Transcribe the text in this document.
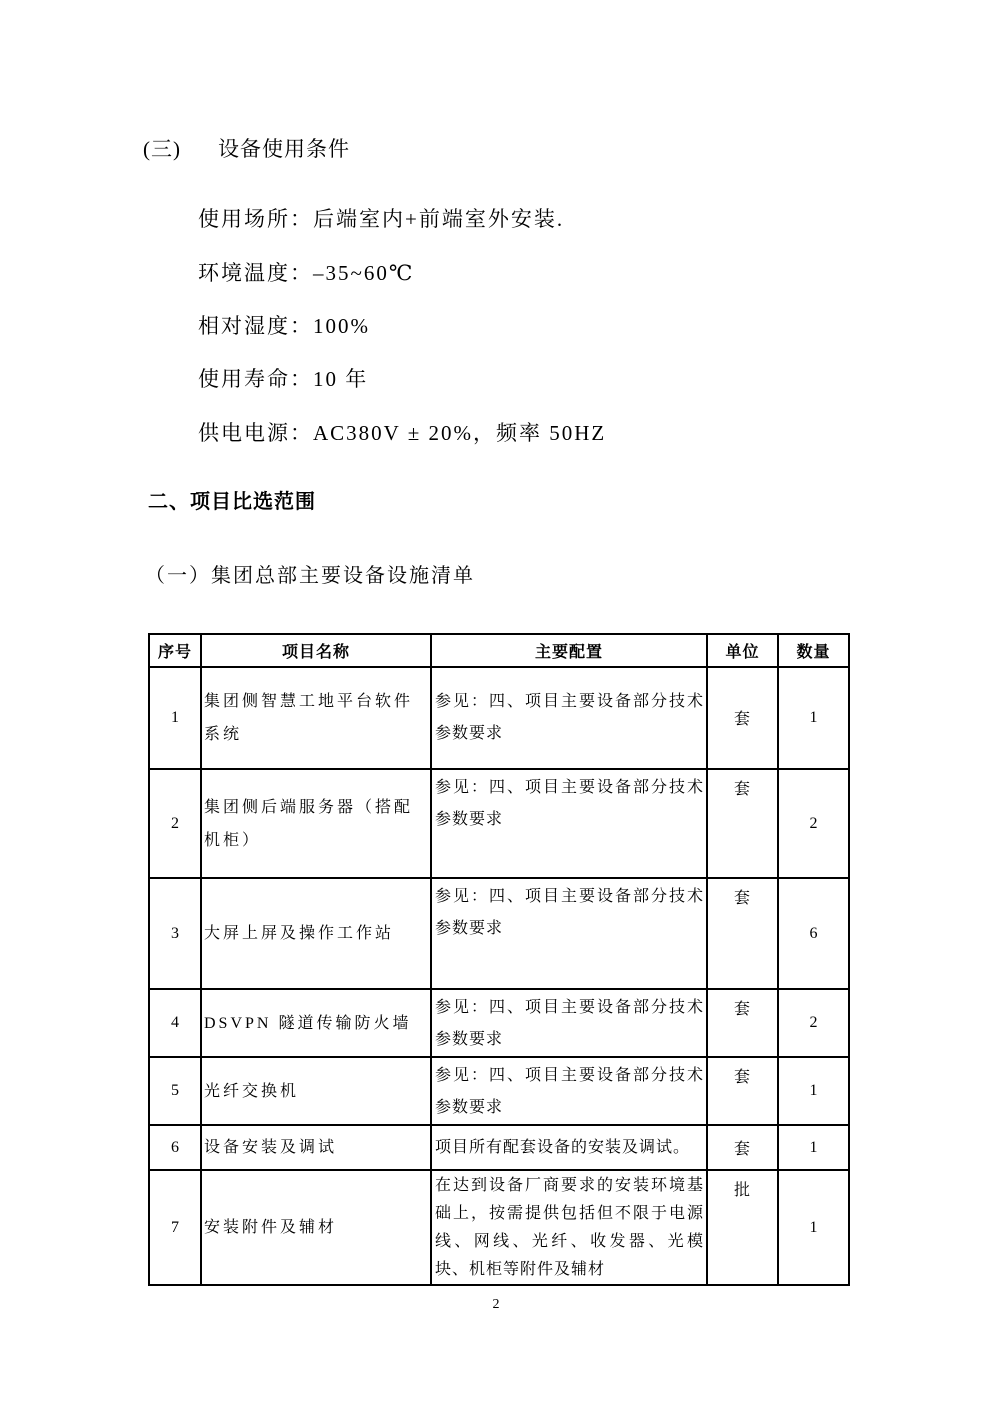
(三) 设备使用条件
使用场所：后端室内+前端室外安装.
环境温度：–35~60℃
相对湿度：100%
使用寿命：10 年
供电电源：AC380V ± 20%，频率 50HZ
二、项目比选范围
（一）集团总部主要设备设施清单
序号	项目名称	主要配置	单位	数量
1	集团侧智慧工地平台软件系统	参见：四、项目主要设备部分技术参数要求	套	1
2	集团侧后端服务器（搭配机柜）	参见：四、项目主要设备部分技术参数要求	套	2
3	大屏上屏及操作工作站	参见：四、项目主要设备部分技术参数要求	套	6
4	DSVPN 隧道传输防火墙	参见：四、项目主要设备部分技术参数要求	套	2
5	光纤交换机	参见：四、项目主要设备部分技术参数要求	套	1
6	设备安装及调试	项目所有配套设备的安装及调试。	套	1
7	安装附件及辅材	在达到设备厂商要求的安装环境基础上，按需提供包括但不限于电源线、网线、光纤、收发器、光模块、机柜等附件及辅材	批	1
2
